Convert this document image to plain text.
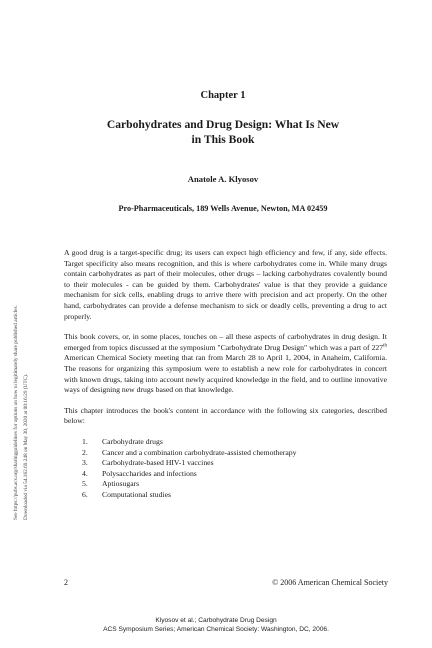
See https://pubs.acs.org/sharingguidelines for options on how to legitimately share published articles. Downloaded via 54.162.69.248 on May 30, 2020 at 08:16:29 (UTC).
Chapter 1
Carbohydrates and Drug Design: What Is New
in This Book
Anatole A. Klyosov
Pro-Pharmaceuticals, 189 Wells Avenue, Newton, MA 02459

A good drug is a target-specific drug; its users can expect high efficiency and few, if any, side effects. Target specificity also means recognition, and this is where carbohydrates come in. While many drugs contain carbohydrates as part of their molecules, other drugs – lacking carbohydrates covalently bound to their molecules - can be guided by them. Carbohydrates' value is that they provide a guidance mechanism for sick cells, enabling drugs to arrive there with precision and act properly. On the other hand, carbohydrates can provide a defense mechanism to sick or deadly cells, preventing a drug to act properly.

This book covers, or, in some places, touches on – all these aspects of carbohydrates in drug design. It emerged from topics discussed at the symposium "Carbohydrate Drug Design" which was a part of 227th American Chemical Society meeting that ran from March 28 to April 1, 2004, in Anaheim, California. The reasons for organizing this symposium were to establish a new role for carbohydrates in concert with known drugs, taking into account newly acquired knowledge in the field, and to outline innovative ways of designing new drugs based on that knowledge.

This chapter introduces the book's content in accordance with the following six categories, described below:

1. Carbohydrate drugs
2. Cancer and a combination carbohydrate-assisted chemotherapy
3. Carbohydrate-based HIV-1 vaccines
4. Polysaccharides and infections
5. Aptiosugars
6. Computational studies
2	© 2006 American Chemical Society
Klyosov et al.; Carbohydrate Drug Design
ACS Symposium Series; American Chemical Society: Washington, DC, 2006.
